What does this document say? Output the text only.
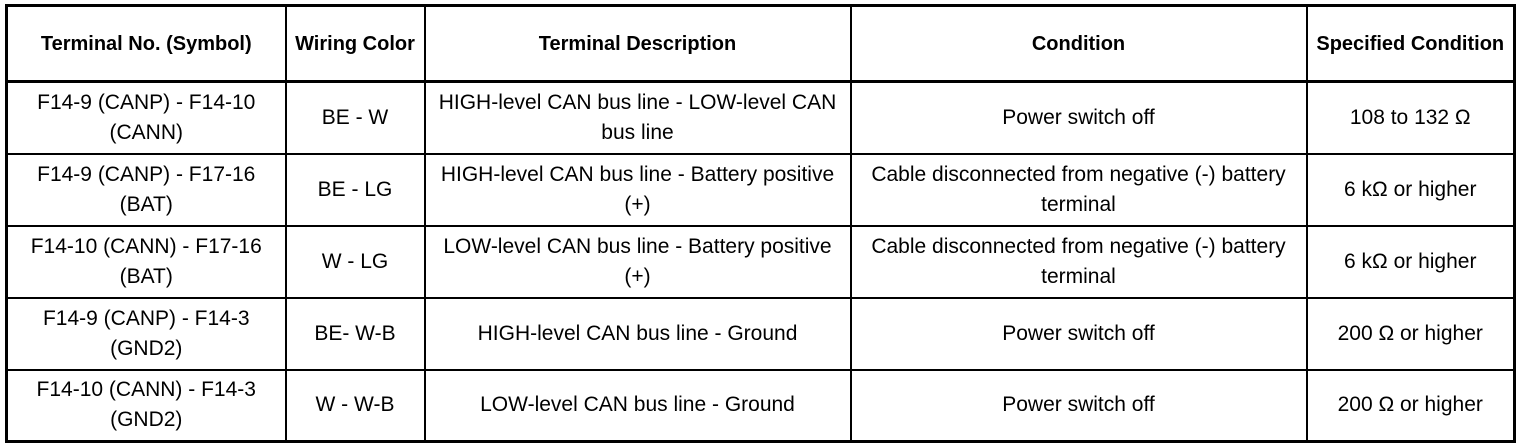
Terminal No. (Symbol)	Wiring Color	Terminal Description	Condition	Specified Condition
F14-9 (CANP) - F14-10 (CANN)	BE - W	HIGH-level CAN bus line - LOW-level CAN bus line	Power switch off	108 to 132 Ω
F14-9 (CANP) - F17-16 (BAT)	BE - LG	HIGH-level CAN bus line - Battery positive (+)	Cable disconnected from negative (-) battery terminal	6 kΩ or higher
F14-10 (CANN) - F17-16 (BAT)	W - LG	LOW-level CAN bus line - Battery positive (+)	Cable disconnected from negative (-) battery terminal	6 kΩ or higher
F14-9 (CANP) - F14-3 (GND2)	BE- W-B	HIGH-level CAN bus line - Ground	Power switch off	200 Ω or higher
F14-10 (CANN) - F14-3 (GND2)	W - W-B	LOW-level CAN bus line - Ground	Power switch off	200 Ω or higher
